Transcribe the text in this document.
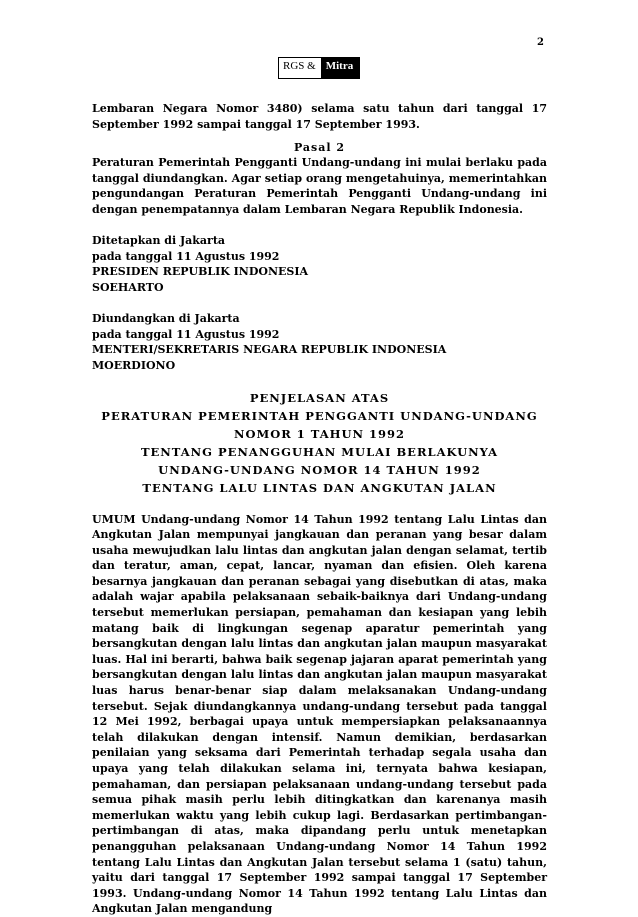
2
RGS & Mitra

Lembaran Negara Nomor 3480) selama satu tahun dari tanggal 17 September 1992 sampai tanggal 17 September 1993.

Pasal 2

Peraturan Pemerintah Pengganti Undang-undang ini mulai berlaku pada tanggal diundangkan. Agar setiap orang mengetahuinya, memerintahkan pengundangan Peraturan Pemerintah Pengganti Undang-undang ini dengan penempatannya dalam Lembaran Negara Republik Indonesia.

Ditetapkan di Jakarta

pada tanggal 11 Agustus 1992

PRESIDEN REPUBLIK INDONESIA

SOEHARTO

Diundangkan di Jakarta

pada tanggal 11 Agustus 1992

MENTERI/SEKRETARIS NEGARA REPUBLIK INDONESIA

MOERDIONO

PENJELASAN ATAS
PERATURAN PEMERINTAH PENGGANTI UNDANG-UNDANG
NOMOR 1 TAHUN 1992
TENTANG PENANGGUHAN MULAI BERLAKUNYA
UNDANG-UNDANG NOMOR 14 TAHUN 1992
TENTANG LALU LINTAS DAN ANGKUTAN JALAN

UMUM Undang-undang Nomor 14 Tahun 1992 tentang Lalu Lintas dan Angkutan Jalan mempunyai jangkauan dan peranan yang besar dalam usaha mewujudkan lalu lintas dan angkutan jalan dengan selamat, tertib dan teratur, aman, cepat, lancar, nyaman dan efisien. Oleh karena besarnya jangkauan dan peranan sebagai yang disebutkan di atas, maka adalah wajar apabila pelaksanaan sebaik-baiknya dari Undang-undang tersebut memerlukan persiapan, pemahaman dan kesiapan yang lebih matang baik di lingkungan segenap aparatur pemerintah yang bersangkutan dengan lalu lintas dan angkutan jalan maupun masyarakat luas. Hal ini berarti, bahwa baik segenap jajaran aparat pemerintah yang bersangkutan dengan lalu lintas dan angkutan jalan maupun masyarakat luas harus benar-benar siap dalam melaksanakan Undang-undang tersebut. Sejak diundangkannya undang-undang tersebut pada tanggal 12 Mei 1992, berbagai upaya untuk mempersiapkan pelaksanaannya telah dilakukan dengan intensif. Namun demikian, berdasarkan penilaian yang seksama dari Pemerintah terhadap segala usaha dan upaya yang telah dilakukan selama ini, ternyata bahwa kesiapan, pemahaman, dan persiapan pelaksanaan undang-undang tersebut pada semua pihak masih perlu lebih ditingkatkan dan karenanya masih memerlukan waktu yang lebih cukup lagi. Berdasarkan pertimbangan-pertimbangan di atas, maka dipandang perlu untuk menetapkan penangguhan pelaksanaan Undang-undang Nomor 14 Tahun 1992 tentang Lalu Lintas dan Angkutan Jalan tersebut selama 1 (satu) tahun, yaitu dari tanggal 17 September 1992 sampai tanggal 17 September 1993. Undang-undang Nomor 14 Tahun 1992 tentang Lalu Lintas dan Angkutan Jalan mengandung
